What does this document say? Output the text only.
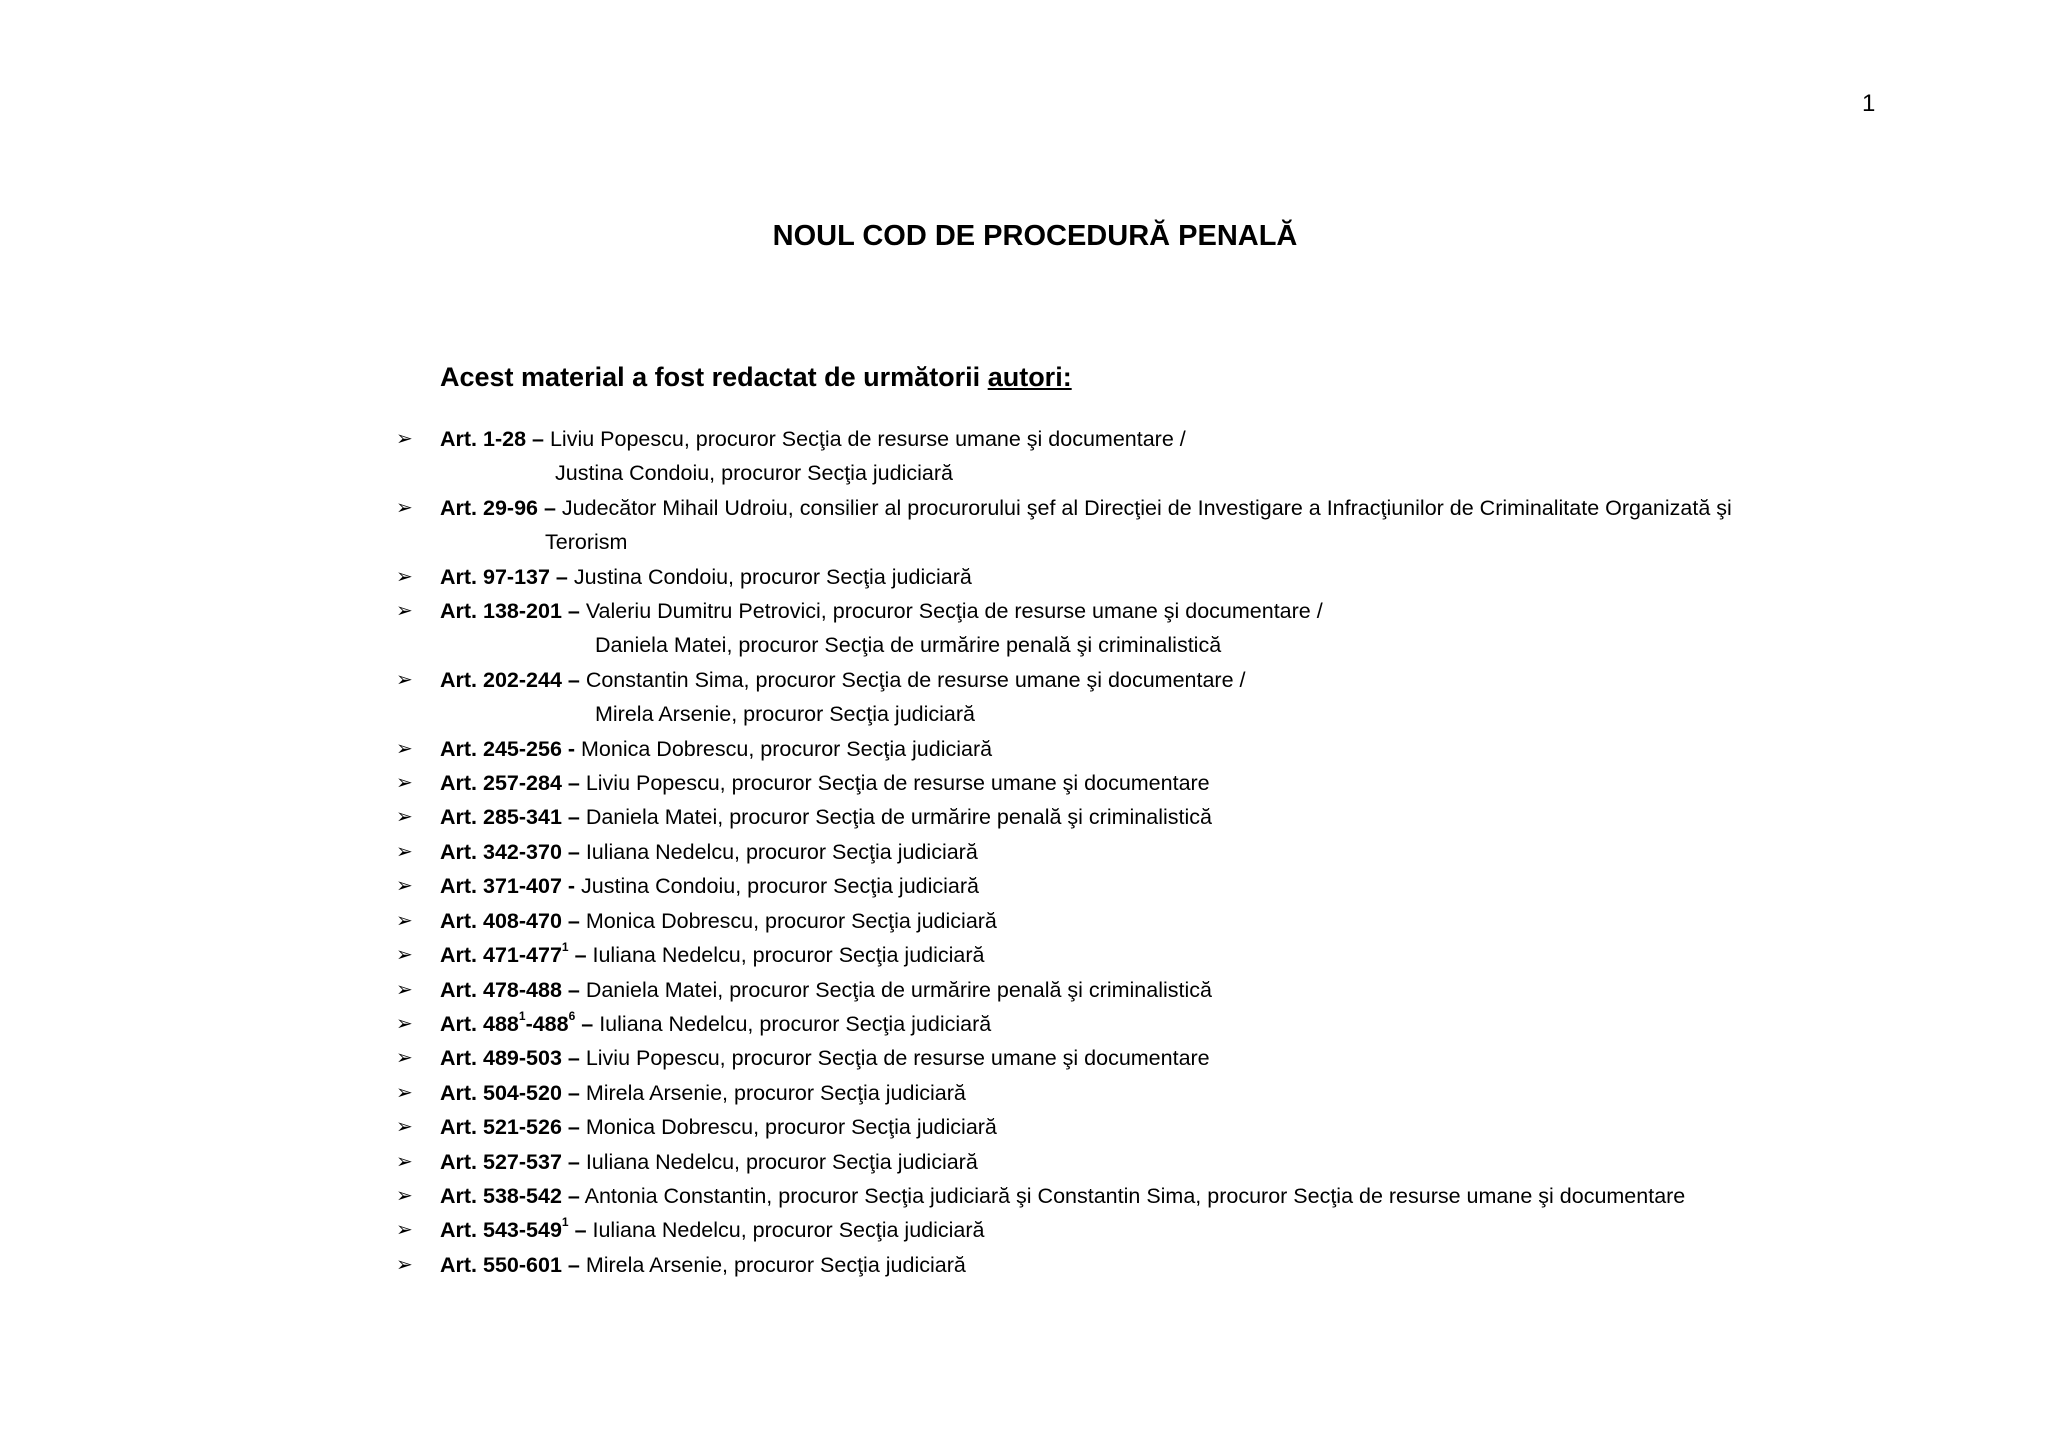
1
NOUL COD DE PROCEDURĂ PENALĂ
Acest material a fost redactat de următorii autori:
➢	Art. 1-28 – Liviu Popescu, procuror Secţia de resurse umane şi documentare /
Justina Condoiu, procuror Secţia judiciară
➢	Art. 29-96 – Judecător Mihail Udroiu, consilier al procurorului şef al Direcţiei de Investigare a Infracţiunilor de Criminalitate Organizată şi
Terorism
➢	Art. 97-137 – Justina Condoiu, procuror Secţia judiciară
➢	Art. 138-201 – Valeriu Dumitru Petrovici, procuror Secţia de resurse umane şi documentare /
Daniela Matei, procuror Secţia de urmărire penală şi criminalistică
➢	Art. 202-244 – Constantin Sima, procuror Secţia de resurse umane şi documentare /
Mirela Arsenie, procuror Secţia judiciară
➢	Art. 245-256 - Monica Dobrescu, procuror Secţia judiciară
➢	Art. 257-284 – Liviu Popescu, procuror Secţia de resurse umane şi documentare
➢	Art. 285-341 – Daniela Matei, procuror Secţia de urmărire penală şi criminalistică
➢	Art. 342-370 – Iuliana Nedelcu, procuror Secţia judiciară
➢	Art. 371-407 - Justina Condoiu, procuror Secţia judiciară
➢	Art. 408-470 – Monica Dobrescu, procuror Secţia judiciară
➢	Art. $471-477^1$ – Iuliana Nedelcu, procuror Secţia judiciară
➢	Art. 478-488 – Daniela Matei, procuror Secţia de urmărire penală şi criminalistică
➢	Art. $488^1-488^6$ – Iuliana Nedelcu, procuror Secţia judiciară
➢	Art. 489-503 – Liviu Popescu, procuror Secţia de resurse umane şi documentare
➢	Art. 504-520 – Mirela Arsenie, procuror Secţia judiciară
➢	Art. 521-526 – Monica Dobrescu, procuror Secţia judiciară
➢	Art. 527-537 – Iuliana Nedelcu, procuror Secţia judiciară
➢	Art. 538-542 – Antonia Constantin, procuror Secţia judiciară şi Constantin Sima, procuror Secţia de resurse umane şi documentare
➢	Art. $543-549^1$ – Iuliana Nedelcu, procuror Secţia judiciară
➢	Art. 550-601 – Mirela Arsenie, procuror Secţia judiciară
